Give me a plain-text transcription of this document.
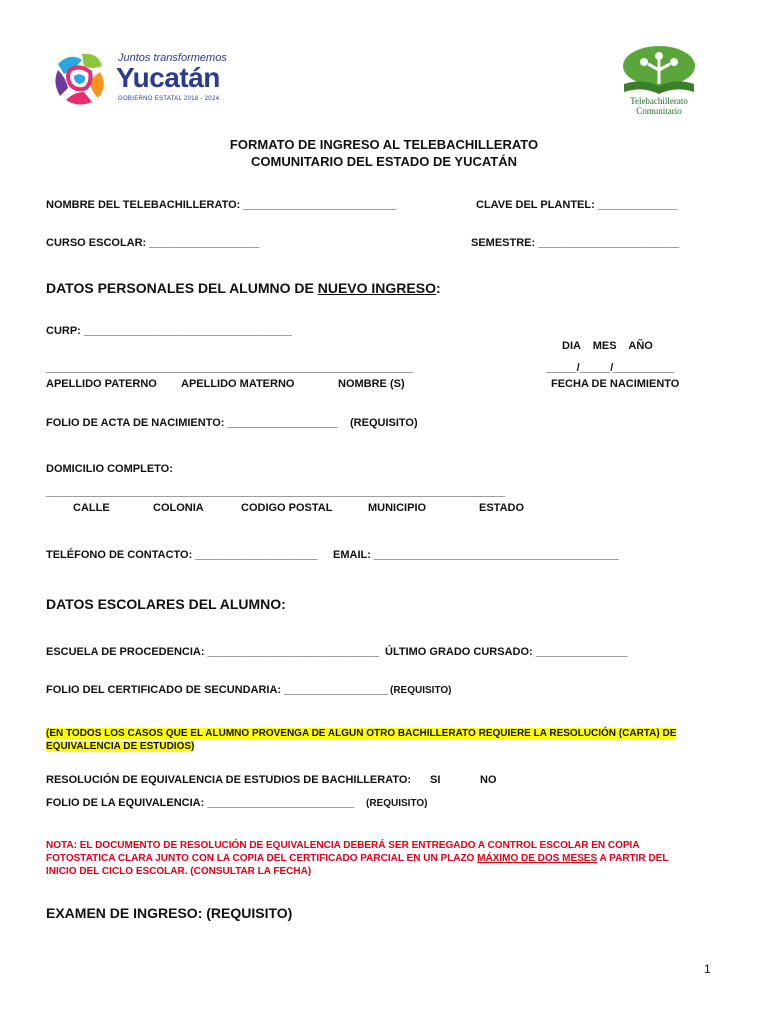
Juntos transformemos
Yucatán
GOBIERNO ESTATAL 2018 - 2024	Telebachillerato
Comunitario
FORMATO DE INGRESO AL TELEBACHILLERATO
COMUNITARIO DEL ESTADO DE YUCATÁN
NOMBRE DEL TELEBACHILLERATO: _________________________	CLAVE DEL PLANTEL: _____________
CURSO ESCOLAR: __________________	SEMESTRE: _______________________
DATOS PERSONALES DEL ALUMNO DE NUEVO INGRESO:
CURP: __________________________________
DIA    MES    AÑO
____________________________________________________________	_____/_____/__________
APELLIDO PATERNO APELLIDO MATERNO	NOMBRE (S)	FECHA DE NACIMIENTO
FOLIO DE ACTA DE NACIMIENTO: __________________ (REQUISITO)
DOMICILIO COMPLETO:
___________________________________________________________________________
CALLE	COLONIA	CODIGO POSTAL	MUNICIPIO	ESTADO
TELÉFONO DE CONTACTO: ____________________ EMAIL: ________________________________________
DATOS ESCOLARES DEL ALUMNO:
ESCUELA DE PROCEDENCIA: ____________________________ ÚLTIMO GRADO CURSADO: _______________
FOLIO DEL CERTIFICADO DE SECUNDARIA: _________________ (REQUISITO)
(EN TODOS LOS CASOS QUE EL ALUMNO PROVENGA DE ALGUN OTRO BACHILLERATO REQUIERE LA RESOLUCIÓN (CARTA) DE EQUIVALENCIA DE ESTUDIOS)
RESOLUCIÓN DE EQUIVALENCIA DE ESTUDIOS DE BACHILLERATO: SI	NO
FOLIO DE LA EQUIVALENCIA: ________________________ (REQUISITO)
NOTA: EL DOCUMENTO DE RESOLUCIÓN DE EQUIVALENCIA DEBERÁ SER ENTREGADO A CONTROL ESCOLAR EN COPIA FOTOSTATICA CLARA JUNTO CON LA COPIA DEL CERTIFICADO PARCIAL EN UN PLAZO MÁXIMO DE DOS MESES A PARTIR DEL INICIO DEL CICLO ESCOLAR. (CONSULTAR LA FECHA)
EXAMEN DE INGRESO: (REQUISITO)
1
